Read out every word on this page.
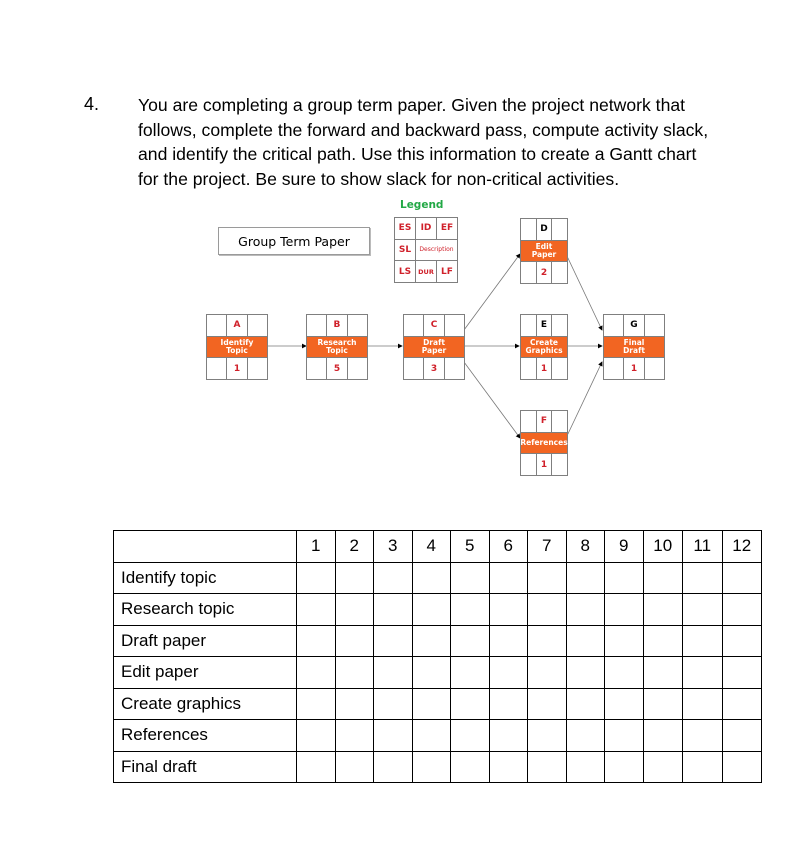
4. You are completing a group term paper. Given the project network that

follows, complete the forward and backward pass, compute activity slack,

and identify the critical path. Use this information to create a Gantt chart

for the project. Be sure to show slack for non-critical activities.

Group Term Paper
Legend
ES	ID	EF
SL	Description
LS	DUR LF
A
Identify
Topic
1
B
Research
Topic
5
C
Draft
Paper
3
D
Edit
Paper
2
E
Create
Graphics
1
F
References
1
G
Final
Draft
1
	1	2	3	4	5	6	7	8	9	10	11	12
Identify topic												
Research topic												
Draft paper												
Edit paper												
Create graphics												
References												
Final draft												
